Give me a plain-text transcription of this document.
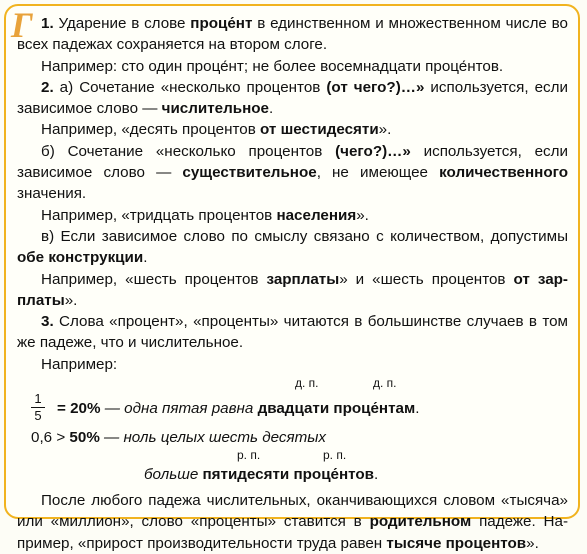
Г 1. Ударение в слове проце́нт в единственном и множественном числе во всех падежах сохраняется на втором слоге.

Например: сто один проце́нт; не более восемнадцати проце́нтов.

2. а) Сочетание «несколько процентов (от чего?)…» используется, если зависимое слово — числительное.

Например, «десять процентов от шестидесяти».

б) Сочетание «несколько процентов (чего?)…» используется, если зависимое слово — существительное, не имеющее количественного значения.

Например, «тридцать процентов населения».

в) Если зависимое слово по смыслу связано с количеством, допустимы обе конструкции.

Например, «шесть процентов зарплаты» и «шесть процентов от зар-платы».

3. Слова «процент», «проценты» читаются в большинстве случаев в том же падеже, что и числительное.

Например:

д. п.	д. п.
$\frac{1}{5} = 20\%$ — одна пятая равна двадцати проце́нтам.
0,6 > 50% — ноль целых шесть десятых
р. п.	р. п.
больше пятидесяти проце́нтов.

После любого падежа числительных, оканчивающихся словом «тысяча» или «миллион», слово «проценты» ставится в родительном падеже. На-пример, «прирост производительности труда равен тысяче процентов».
